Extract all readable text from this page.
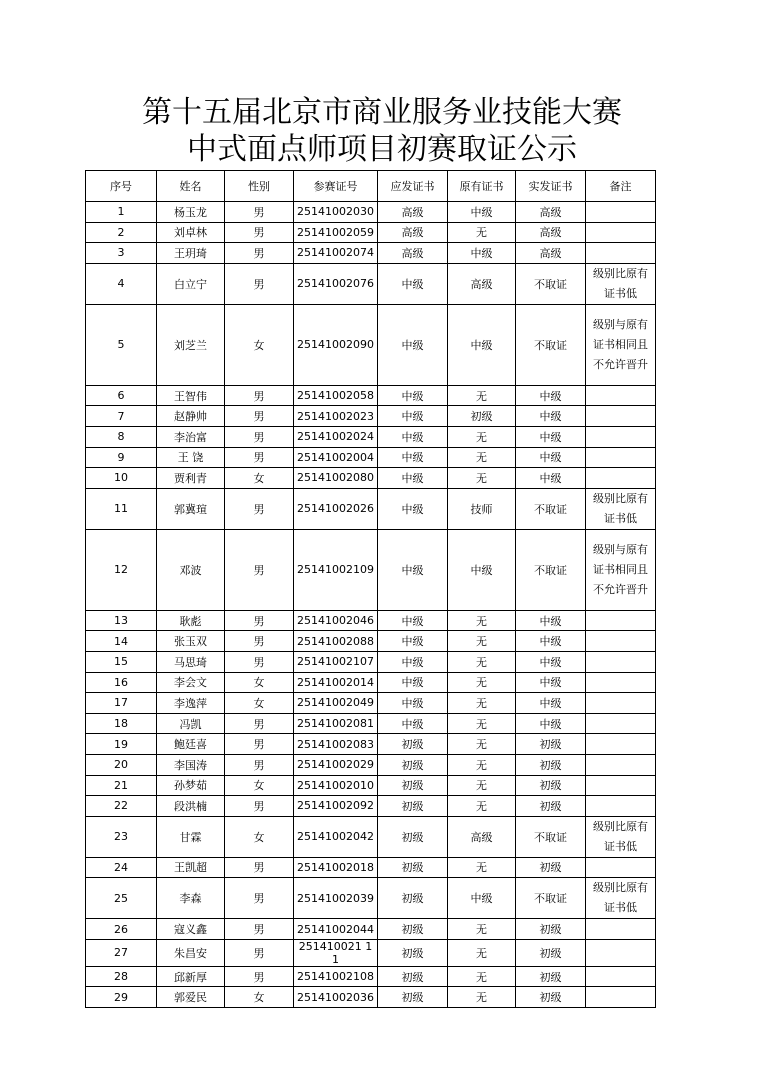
第十五届北京市商业服务业技能大赛
中式面点师项目初赛取证公示
序号	姓名	性别	参赛证号	应发证书	原有证书	实发证书	备注
1	杨玉龙	男	25141002030	高级	中级	高级	
2	刘卓林	男	25141002059	高级	无	高级	
3	王玥琦	男	25141002074	高级	中级	高级	
4	白立宁	男	25141002076	中级	高级	不取证	级别比原有证书低
5	刘芝兰	女	25141002090	中级	中级	不取证	级别与原有证书相同且不允许晋升
6	王智伟	男	25141002058	中级	无	中级	
7	赵静帅	男	25141002023	中级	初级	中级	
8	李治富	男	25141002024	中级	无	中级	
9	王 饶	男	25141002004	中级	无	中级	
10	贾利青	女	25141002080	中级	无	中级	
11	郭冀瑄	男	25141002026	中级	技师	不取证	级别比原有证书低
12	邓波	男	25141002109	中级	中级	不取证	级别与原有证书相同且不允许晋升
13	耿彪	男	25141002046	中级	无	中级	
14	张玉双	男	25141002088	中级	无	中级	
15	马思琦	男	25141002107	中级	无	中级	
16	李会文	女	25141002014	中级	无	中级	
17	李逸萍	女	25141002049	中级	无	中级	
18	冯凯	男	25141002081	中级	无	中级	
19	鲍廷喜	男	25141002083	初级	无	初级	
20	李国涛	男	25141002029	初级	无	初级	
21	孙梦茹	女	25141002010	初级	无	初级	
22	段洪楠	男	25141002092	初级	无	初级	
23	甘霖	女	25141002042	初级	高级	不取证	级别比原有证书低
24	王凯超	男	25141002018	初级	无	初级	
25	李森	男	25141002039	初级	中级	不取证	级别比原有证书低
26	寇义鑫	男	25141002044	初级	无	初级	
27	朱昌安	男	251410021 1 1	初级	无	初级	
28	邱新厚	男	25141002108	初级	无	初级	
29	郭爱民	女	25141002036	初级	无	初级	
